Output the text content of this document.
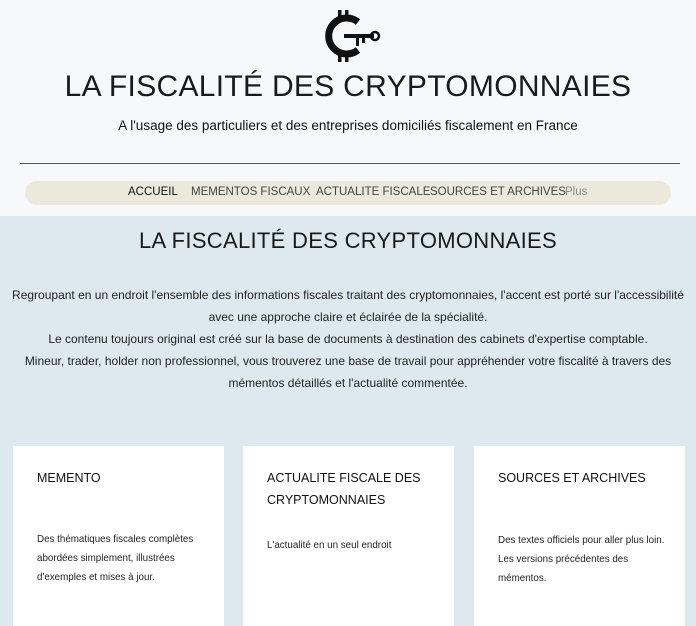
LA FISCALITÉ DES CRYPTOMONNAIES
A l'usage des particuliers et des entreprises domiciliés fiscalement en France
ACCUEIL MEMENTOS FISCAUX ACTUALITE FISCALE SOURCES ET ARCHIVES Plus
LA FISCALITÉ DES CRYPTOMONNAIES

Regroupant en un endroit l'ensemble des informations fiscales traitant des cryptomonnaies, l'accent est porté sur l'accessibilité avec une approche claire et éclairée de la spécialité.

Le contenu toujours original est créé sur la base de documents à destination des cabinets d'expertise comptable.

Mineur, trader, holder non professionnel, vous trouverez une base de travail pour appréhender votre fiscalité à travers des mémentos détaillés et l'actualité commentée.

MEMENTO

Des thématiques fiscales complètes abordées simplement, illustrées d'exemples et mises à jour.

ACTUALITE FISCALE DES CRYPTOMONNAIES

L'actualité en un seul endroit

SOURCES ET ARCHIVES

Des textes officiels pour aller plus loin.

Les versions précédentes des mémentos.
